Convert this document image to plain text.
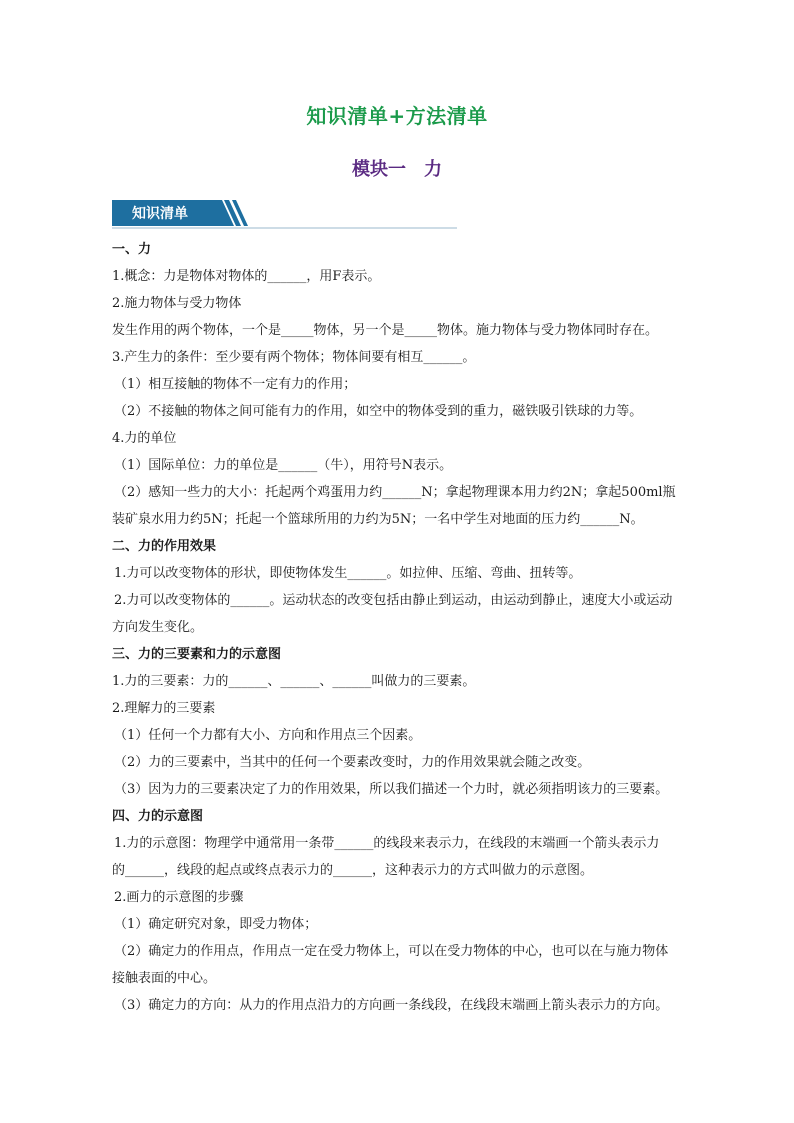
知识清单+方法清单
模块一　力
知识清单
一、力
1.概念：力是物体对物体的______，用F表示。
2.施力物体与受力物体
发生作用的两个物体，一个是_____物体，另一个是_____物体。施力物体与受力物体同时存在。
3.产生力的条件：至少要有两个物体；物体间要有相互______。
（1）相互接触的物体不一定有力的作用；
（2）不接触的物体之间可能有力的作用，如空中的物体受到的重力，磁铁吸引铁球的力等。
4.力的单位
（1）国际单位：力的单位是______（牛），用符号N表示。
（2）感知一些力的大小：托起两个鸡蛋用力约______N；拿起物理课本用力约2N；拿起500ml瓶
装矿泉水用力约5N；托起一个篮球所用的力约为5N；一名中学生对地面的压力约______N。
二、力的作用效果
1.力可以改变物体的形状，即使物体发生______。如拉伸、压缩、弯曲、扭转等。
2.力可以改变物体的______。运动状态的改变包括由静止到运动，由运动到静止，速度大小或运动
方向发生变化。
三、力的三要素和力的示意图
1.力的三要素：力的______、______、______叫做力的三要素。
2.理解力的三要素
（1）任何一个力都有大小、方向和作用点三个因素。
（2）力的三要素中，当其中的任何一个要素改变时，力的作用效果就会随之改变。
（3）因为力的三要素决定了力的作用效果，所以我们描述一个力时，就必须指明该力的三要素。
四、力的示意图
1.力的示意图：物理学中通常用一条带______的线段来表示力，在线段的末端画一个箭头表示力
的______，线段的起点或终点表示力的______，这种表示力的方式叫做力的示意图。
2.画力的示意图的步骤
（1）确定研究对象，即受力物体；
（2）确定力的作用点，作用点一定在受力物体上，可以在受力物体的中心，也可以在与施力物体
接触表面的中心。
（3）确定力的方向：从力的作用点沿力的方向画一条线段，在线段末端画上箭头表示力的方向。
